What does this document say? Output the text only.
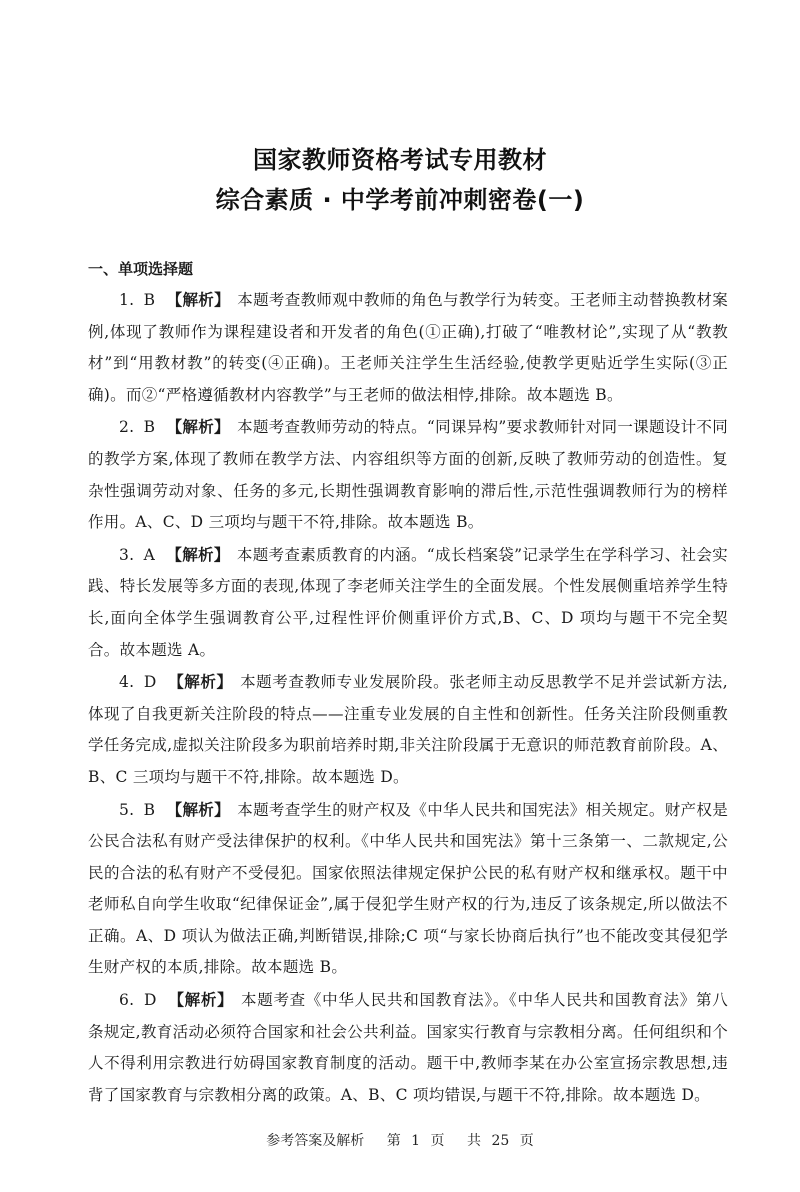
国家教师资格考试专用教材
综合素质 · 中学考前冲刺密卷(一)
一、单项选择题

1. B 【解析】 本题考查教师观中教师的角色与教学行为转变。王老师主动替换教材案例,体现了教师作为课程建设者和开发者的角色(①正确),打破了“唯教材论”,实现了从“教教材”到“用教材教”的转变(④正确)。王老师关注学生生活经验,使教学更贴近学生实际(③正确)。而②“严格遵循教材内容教学”与王老师的做法相悖,排除。故本题选 B。

2. B 【解析】 本题考查教师劳动的特点。“同课异构”要求教师针对同一课题设计不同的教学方案,体现了教师在教学方法、内容组织等方面的创新,反映了教师劳动的创造性。复杂性强调劳动对象、任务的多元,长期性强调教育影响的滞后性,示范性强调教师行为的榜样作用。A、C、D 三项均与题干不符,排除。故本题选 B。

3. A 【解析】 本题考查素质教育的内涵。“成长档案袋”记录学生在学科学习、社会实践、特长发展等多方面的表现,体现了李老师关注学生的全面发展。个性发展侧重培养学生特长,面向全体学生强调教育公平,过程性评价侧重评价方式,B、C、D 项均与题干不完全契合。故本题选 A。

4. D 【解析】 本题考查教师专业发展阶段。张老师主动反思教学不足并尝试新方法,体现了自我更新关注阶段的特点——注重专业发展的自主性和创新性。任务关注阶段侧重教学任务完成,虚拟关注阶段多为职前培养时期,非关注阶段属于无意识的师范教育前阶段。A、B、C 三项均与题干不符,排除。故本题选 D。

5. B 【解析】 本题考查学生的财产权及《中华人民共和国宪法》相关规定。财产权是公民合法私有财产受法律保护的权利。《中华人民共和国宪法》第十三条第一、二款规定,公民的合法的私有财产不受侵犯。国家依照法律规定保护公民的私有财产权和继承权。题干中老师私自向学生收取“纪律保证金”,属于侵犯学生财产权的行为,违反了该条规定,所以做法不正确。A、D 项认为做法正确,判断错误,排除;C 项“与家长协商后执行”也不能改变其侵犯学生财产权的本质,排除。故本题选 B。

6. D 【解析】 本题考查《中华人民共和国教育法》。《中华人民共和国教育法》第八条规定,教育活动必须符合国家和社会公共利益。国家实行教育与宗教相分离。任何组织和个人不得利用宗教进行妨碍国家教育制度的活动。题干中,教师李某在办公室宣扬宗教思想,违背了国家教育与宗教相分离的政策。A、B、C 项均错误,与题干不符,排除。故本题选 D。

参考答案及解析 第 1 页 共 25 页
